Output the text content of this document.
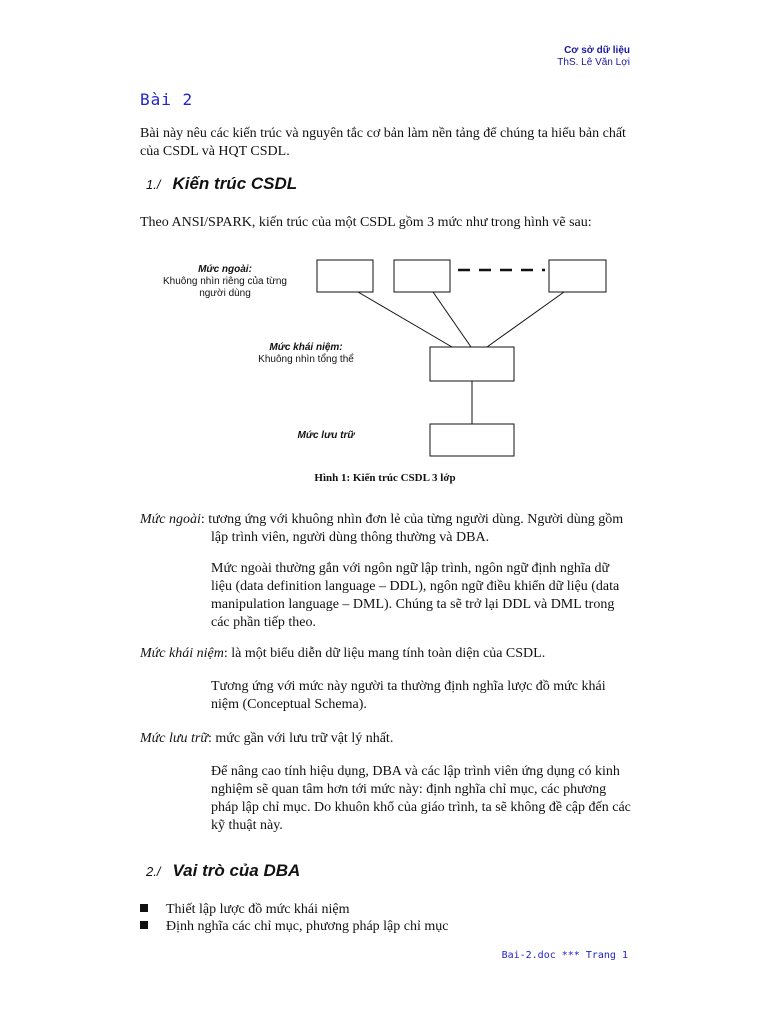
Cơ sở dữ liệu
ThS. Lê Văn Lợi
Bài 2
Bài này nêu các kiến trúc và nguyên tắc cơ bản làm nền tảng để chúng ta hiểu bản chất của CSDL và HQT CSDL.
1./ Kiến trúc CSDL
Theo ANSI/SPARK, kiến trúc của một CSDL gồm 3 mức như trong hình vẽ sau:
Mức ngoài:
Khuông nhìn riêng của từng
người dùng
Mức khái niệm:
Khuông nhìn tổng thể
Mức lưu trữ
Hình 1: Kiến trúc CSDL 3 lớp
Mức ngoài: tương ứng với khuông nhìn đơn lẻ của từng người dùng. Người dùng gồm
lập trình viên, người dùng thông thường và DBA.
Mức ngoài thường gắn với ngôn ngữ lập trình, ngôn ngữ định nghĩa dữ liệu (data definition language – DDL), ngôn ngữ điều khiển dữ liệu (data manipulation language – DML). Chúng ta sẽ trở lại DDL và DML trong các phần tiếp theo.
Mức khái niệm: là một biểu diễn dữ liệu mang tính toàn diện của CSDL.
Tương ứng với mức này người ta thường định nghĩa lược đồ mức khái niệm (Conceptual Schema).
Mức lưu trữ: mức gần với lưu trữ vật lý nhất.
Để nâng cao tính hiệu dụng, DBA và các lập trình viên ứng dụng có kinh nghiệm sẽ quan tâm hơn tới mức này: định nghĩa chỉ mục, các phương pháp lập chỉ mục. Do khuôn khổ của giáo trình, ta sẽ không đề cập đến các kỹ thuật này.
2./ Vai trò của DBA
Thiết lập lược đồ mức khái niệm
Định nghĩa các chỉ mục, phương pháp lập chỉ mục
Bai-2.doc *** Trang 1
